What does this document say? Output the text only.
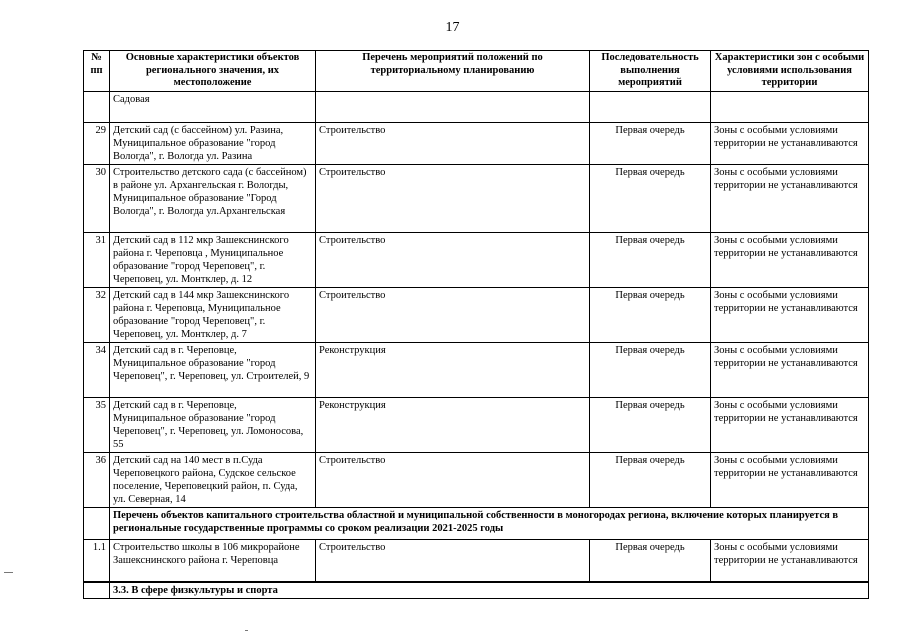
17
№ пп	Основные характеристики объектов регионального значения, их местоположение	Перечень мероприятий положений по территориальному планированию	Последовательность выполнения мероприятий	Характеристики зон с особыми условиями использования территории
	Садовая			
29	Детский сад (с бассейном) ул. Разина, Муниципальное образование "город Вологда", г. Вологда ул. Разина	Строительство	Первая очередь	Зоны с особыми условиями территории не устанавливаются
30	Строительство детского сада (с бассейном) в районе ул. Архангельская г. Вологды, Муниципальное образование "Город Вологда", г. Вологда ул.Архангельская	Строительство	Первая очередь	Зоны с особыми условиями территории не устанавливаются
31	Детский сад в 112 мкр Зашекснинского района г. Череповца , Муниципальное образование "город Череповец", г. Череповец, ул. Монтклер, д. 12	Строительство	Первая очередь	Зоны с особыми условиями территории не устанавливаются
32	Детский сад в 144 мкр Зашекснинского района г. Череповца, Муниципальное образование "город Череповец", г. Череповец, ул. Монтклер, д. 7	Строительство	Первая очередь	Зоны с особыми условиями территории не устанавливаются
34	Детский сад в г. Череповце, Муниципальное образование "город Череповец", г. Череповец, ул. Строителей, 9	Реконструкция	Первая очередь	Зоны с особыми условиями территории не устанавливаются
35	Детский сад в г. Череповце, Муниципальное образование "город Череповец", г. Череповец, ул. Ломоносова, 55	Реконструкция	Первая очередь	Зоны с особыми условиями территории не устанавливаются
36	Детский сад на 140 мест в п.Суда Череповецкого района, Судское сельское поселение, Череповецкий район, п. Суда, ул. Северная, 14	Строительство	Первая очередь	Зоны с особыми условиями территории не устанавливаются
	Перечень объектов капитального строительства областной и муниципальной собственности в моногородах региона, включение которых планируется в региональные государственные программы со сроком реализации 2021-2025 годы			
1.1	Строительство школы в 106 микрорайоне Зашекснинского района г. Череповца	Строительство	Первая очередь	Зоны с особыми условиями территории не устанавливаются
	3.3. В сфере физкультуры и спорта			
